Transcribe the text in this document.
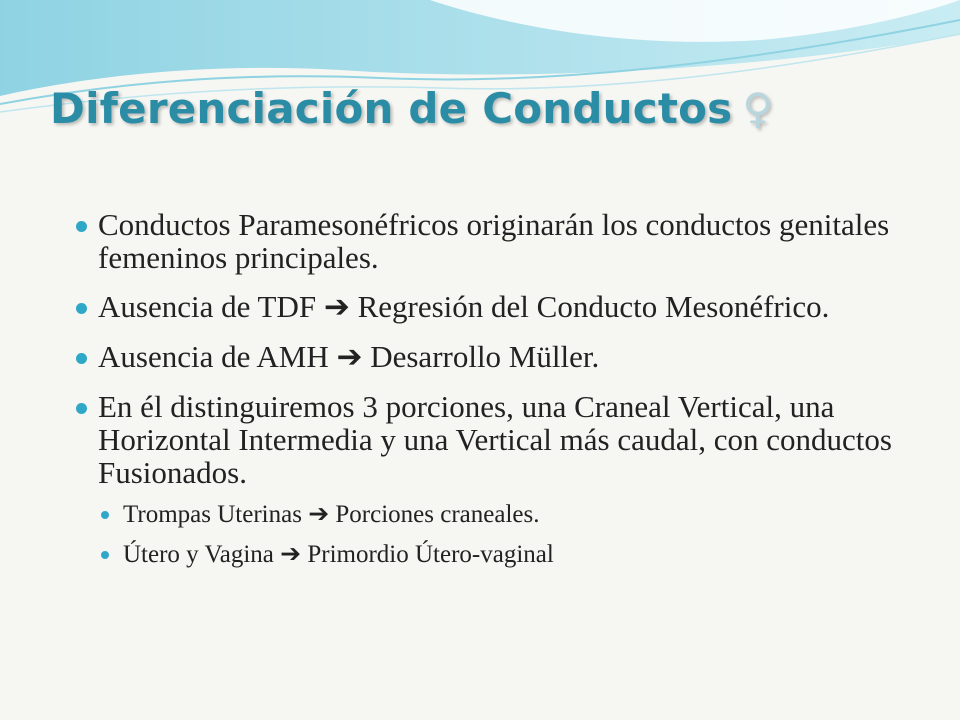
Diferenciación de Conductos ♀
Conductos Paramesonéfricos originarán los conductos genitales femeninos principales.
Ausencia de TDF ➔ Regresión del Conducto Mesonéfrico.
Ausencia de AMH ➔ Desarrollo Müller.
En él distinguiremos 3 porciones, una Craneal Vertical, una Horizontal Intermedia y una Vertical más caudal, con conductos Fusionados.
Trompas Uterinas ➔ Porciones craneales.
Útero y Vagina ➔ Primordio Útero-vaginal
